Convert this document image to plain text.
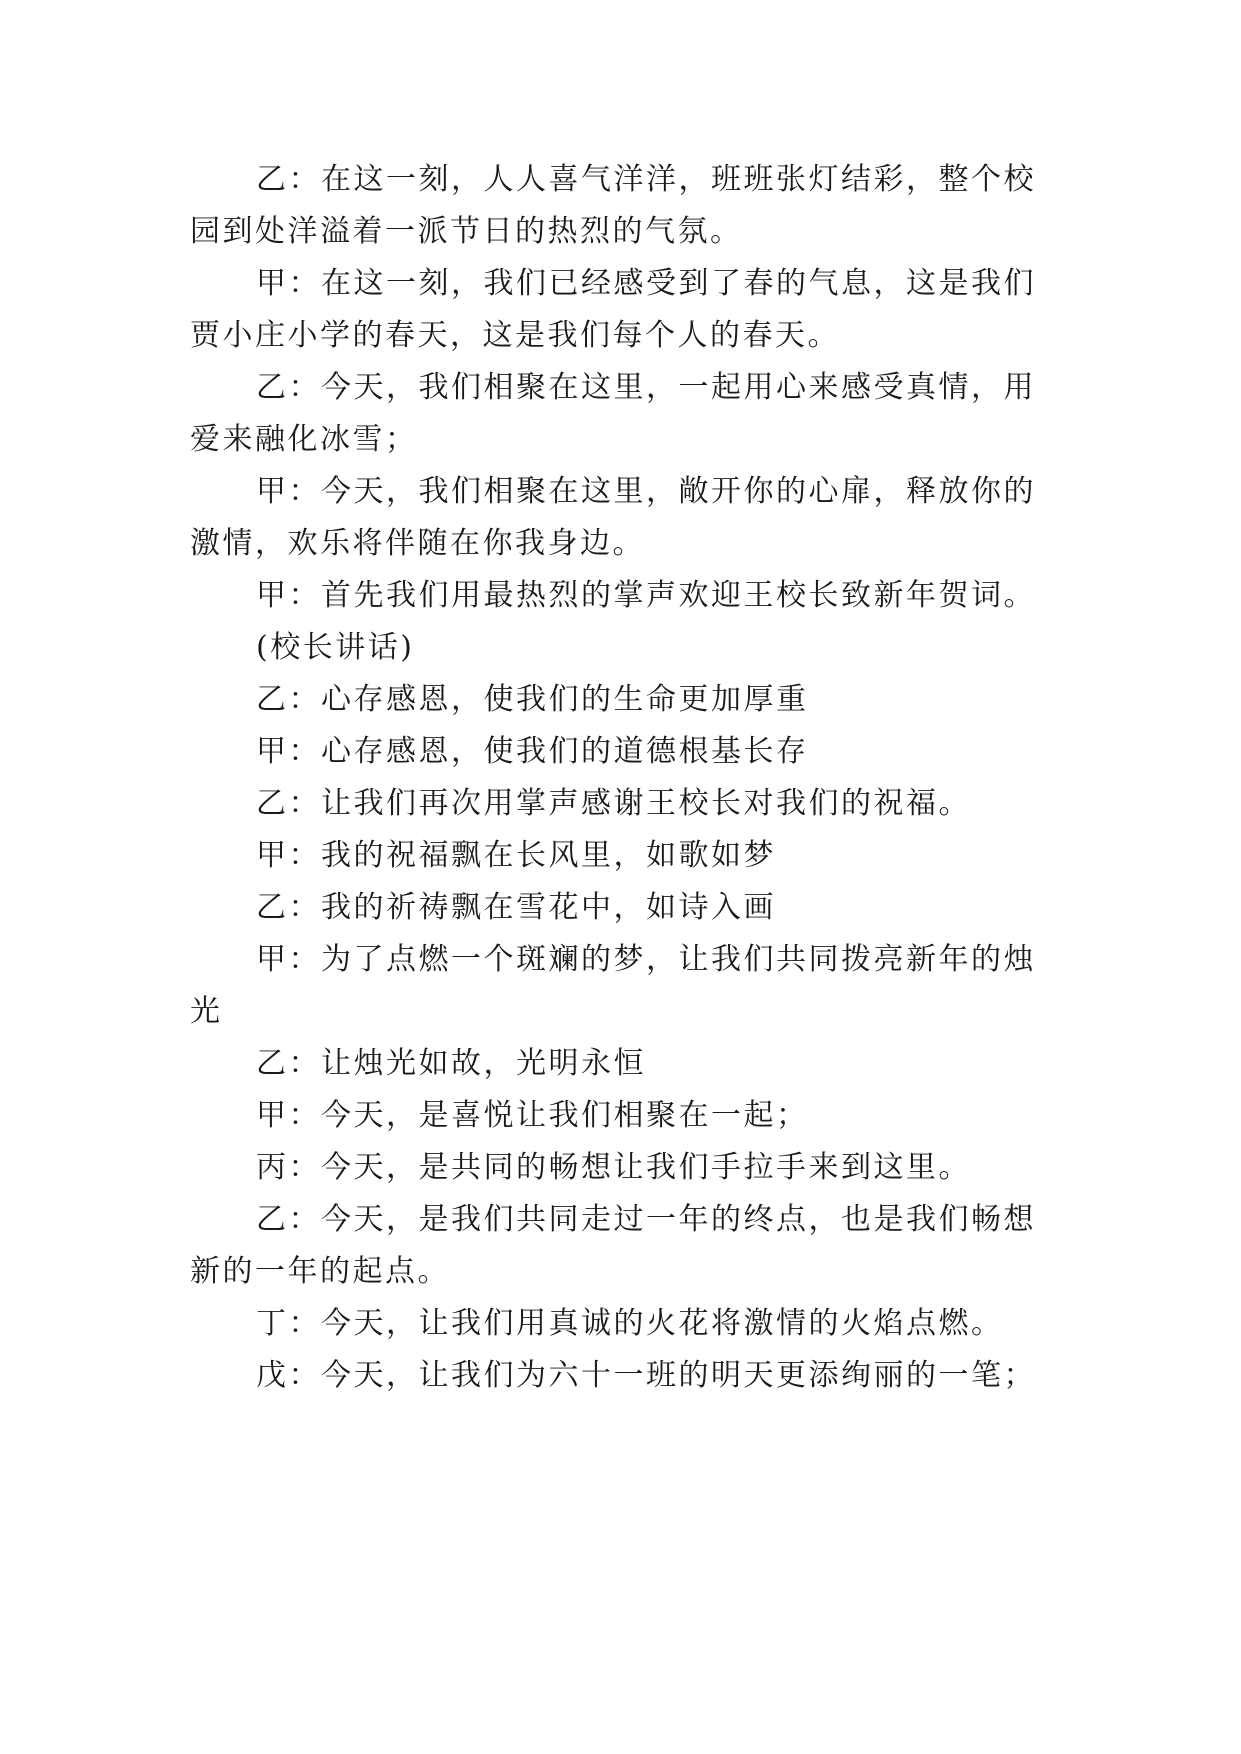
乙：在这一刻，人人喜气洋洋，班班张灯结彩，整个校
园到处洋溢着一派节日的热烈的气氛。
甲：在这一刻，我们已经感受到了春的气息，这是我们
贾小庄小学的春天，这是我们每个人的春天。
乙：今天，我们相聚在这里，一起用心来感受真情，用
爱来融化冰雪；
甲：今天，我们相聚在这里，敞开你的心扉，释放你的
激情，欢乐将伴随在你我身边。
甲：首先我们用最热烈的掌声欢迎王校长致新年贺词。
(校长讲话)
乙：心存感恩，使我们的生命更加厚重
甲：心存感恩，使我们的道德根基长存
乙：让我们再次用掌声感谢王校长对我们的祝福。
甲：我的祝福飘在长风里，如歌如梦
乙：我的祈祷飘在雪花中，如诗入画
甲：为了点燃一个斑斓的梦，让我们共同拨亮新年的烛
光
乙：让烛光如故，光明永恒
甲：今天，是喜悦让我们相聚在一起；
丙：今天，是共同的畅想让我们手拉手来到这里。
乙：今天，是我们共同走过一年的终点，也是我们畅想
新的一年的起点。
丁：今天，让我们用真诚的火花将激情的火焰点燃。
戊：今天，让我们为六十一班的明天更添绚丽的一笔；
